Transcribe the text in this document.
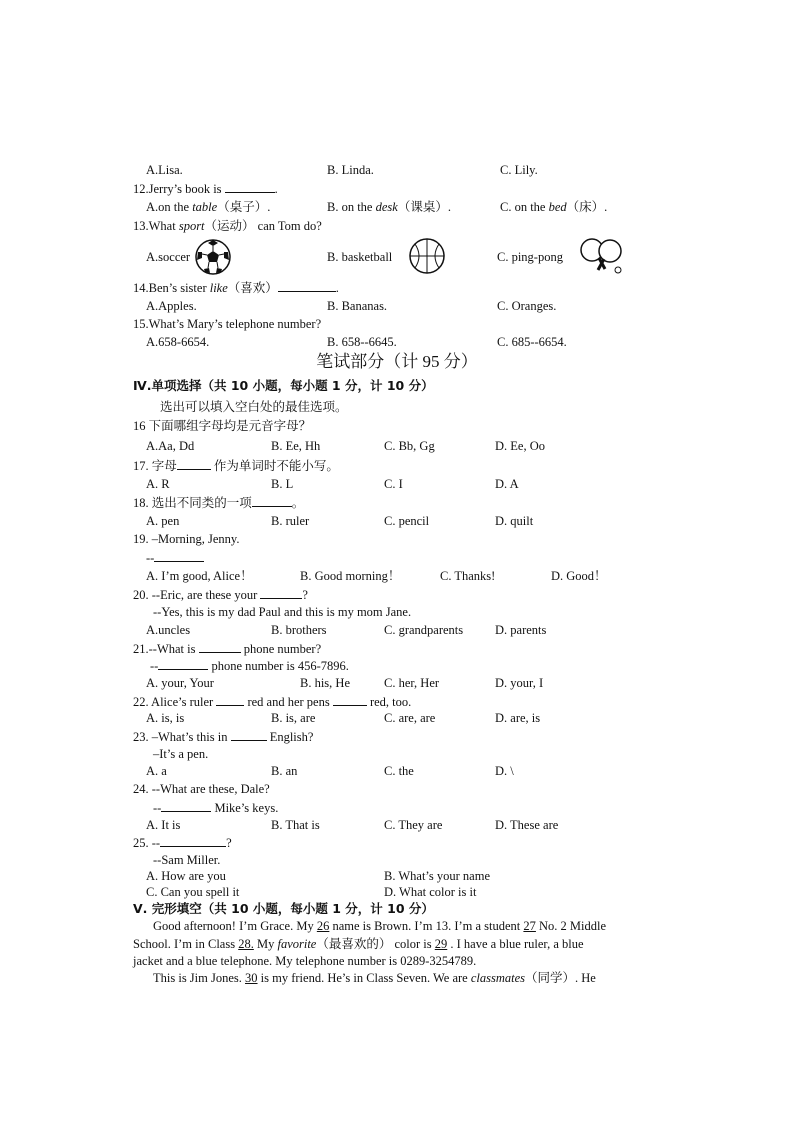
A.Lisa.	B. Linda.	C. Lily.
12.Jerry’s book is	.
A.on the table（桌子）.	B. on the desk（课桌）.	C. on the bed（床）.
13.What sport（运动） can Tom do?
A.soccer	B. basketball	C. ping-pong
14.Ben’s sister like（喜欢）	.
A.Apples.	B. Bananas.	C. Oranges.
15.What’s Mary’s telephone number?
A.658-6654.	B. 658--6645.	C. 685--6654.
笔试部分（计 95 分）
Ⅳ.单项选择（共 10 小题，每小题 1 分，计 10 分）
选出可以填入空白处的最佳选项。
16 下面哪组字母均是元音字母？
A.Aa, Dd	B. Ee, Hh	C. Bb, Gg	D. Ee, Oo
17. 字母	作为单词时不能小写。
A. R	B. L	C. I	D. A
18. 选出不同类的一项	。
A. pen	B. ruler	C. pencil	D. quilt
19. –Morning, Jenny.
--
A. I’m good, Alice！	B. Good morning！	C. Thanks!	D. Good！
20. --Eric, are these your	?
--Yes, this is my dad Paul and this is my mom Jane.
A.uncles	B. brothers	C. grandparents	D. parents
21.--What is	phone number?
--	phone number is 456-7896.
A. your, Your	B. his, He	C. her, Her	D. your, I
22. Alice’s ruler  red and her pens	red, too.
A. is, is	B. is, are	C. are, are	D. are, is
23. –What’s this in	English?
–It’s a pen.
A. a	B. an	C. the	D. \
24. --What are these, Dale?
--	Mike’s keys.
A. It is	B. That is	C. They are	D. These are
25. --	?
--Sam Miller.
A. How are you	B. What’s your name
C. Can you spell it	D. What color is it
Ⅴ. 完形填空（共 10 小题，每小题 1 分，计 10 分）
Good afternoon! I’m Grace. My 26 name is Brown. I’m 13. I’m a student 27 No. 2 Middle
School. I’m in Class 28. My favorite（最喜欢的） color is 29 . I have a blue ruler, a blue
jacket and a blue telephone. My telephone number is 0289-3254789.
This is Jim Jones. 30 is my friend. He’s in Class Seven. We are classmates（同学）. He
